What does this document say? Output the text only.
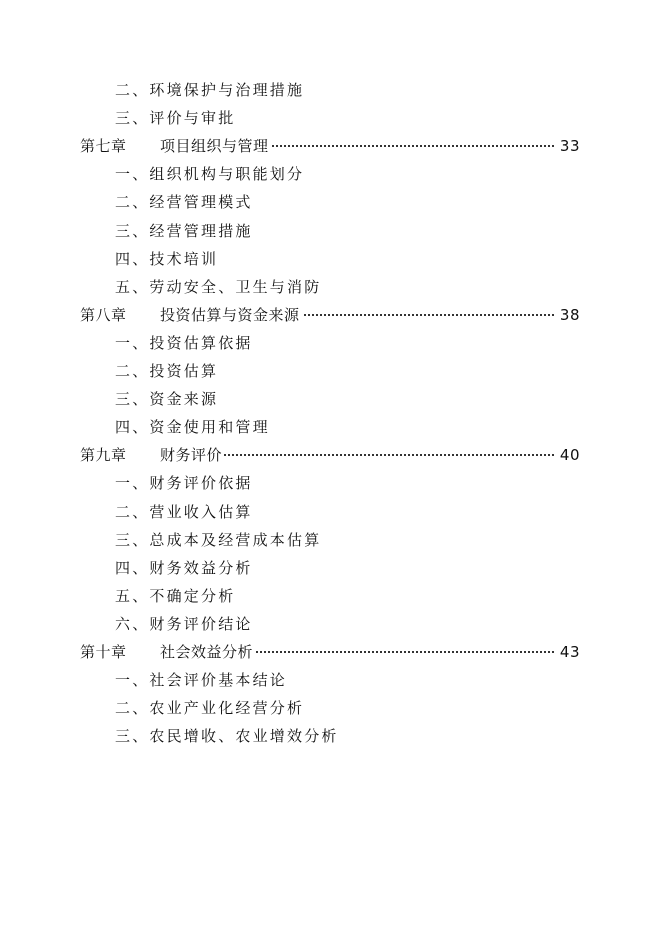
二、环境保护与治理措施
三、评价与审批
第七章 项目组织与管理	33
一、组织机构与职能划分
二、经营管理模式
三、经营管理措施
四、技术培训
五、劳动安全、卫生与消防
第八章 投资估算与资金来源	38
一、投资估算依据
二、投资估算
三、资金来源
四、资金使用和管理
第九章 财务评价	40
一、财务评价依据
二、营业收入估算
三、总成本及经营成本估算
四、财务效益分析
五、不确定分析
六、财务评价结论
第十章 社会效益分析	43
一、社会评价基本结论
二、农业产业化经营分析
三、农民增收、农业增效分析
